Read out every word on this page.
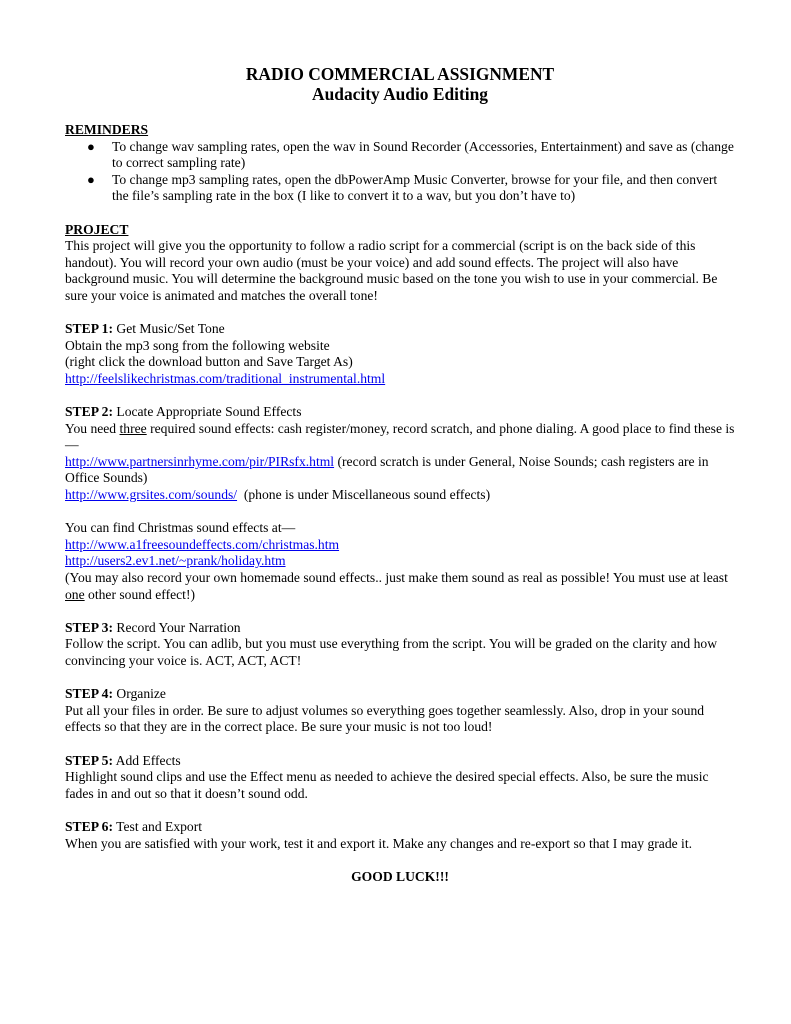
RADIO COMMERCIAL ASSIGNMENT

Audacity Audio Editing

REMINDERS

● To change wav sampling rates, open the wav in Sound Recorder (Accessories, Entertainment) and save as (change to correct sampling rate)
● To change mp3 sampling rates, open the dbPowerAmp Music Converter, browse for your file, and then convert the file’s sampling rate in the box (I like to convert it to a wav, but you don’t have to)

PROJECT

This project will give you the opportunity to follow a radio script for a commercial (script is on the back side of this handout). You will record your own audio (must be your voice) and add sound effects. The project will also have background music. You will determine the background music based on the tone you wish to use in your commercial. Be sure your voice is animated and matches the overall tone!

STEP 1: Get Music/Set Tone

Obtain the mp3 song from the following website

(right click the download button and Save Target As)

http://feelslikechristmas.com/traditional_instrumental.html

STEP 2: Locate Appropriate Sound Effects

You need three required sound effects: cash register/money, record scratch, and phone dialing. A good place to find these is—

http://www.partnersinrhyme.com/pir/PIRsfx.html (record scratch is under General, Noise Sounds; cash registers are in Office Sounds)

http://www.grsites.com/sounds/ (phone is under Miscellaneous sound effects)

You can find Christmas sound effects at—

http://www.a1freesoundeffects.com/christmas.htm

http://users2.ev1.net/~prank/holiday.htm

(You may also record your own homemade sound effects.. just make them sound as real as possible! You must use at least one other sound effect!)

STEP 3: Record Your Narration

Follow the script. You can adlib, but you must use everything from the script. You will be graded on the clarity and how convincing your voice is. ACT, ACT, ACT!

STEP 4: Organize

Put all your files in order. Be sure to adjust volumes so everything goes together seamlessly. Also, drop in your sound effects so that they are in the correct place. Be sure your music is not too loud!

STEP 5: Add Effects

Highlight sound clips and use the Effect menu as needed to achieve the desired special effects. Also, be sure the music fades in and out so that it doesn’t sound odd.

STEP 6: Test and Export

When you are satisfied with your work, test it and export it. Make any changes and re-export so that I may grade it.

GOOD LUCK!!!
